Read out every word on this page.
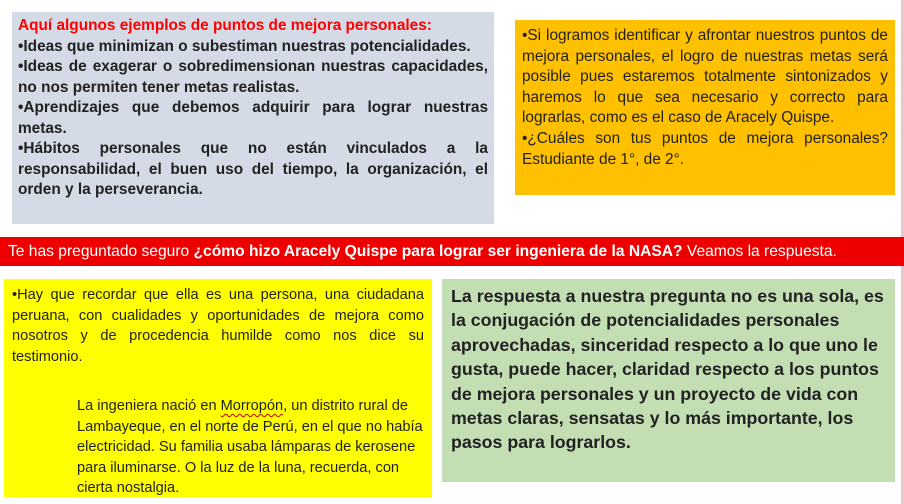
Aquí algunos ejemplos de puntos de mejora personales:

•Ideas que minimizan o subestiman nuestras potencialidades.

•Ideas de exagerar o sobredimensionan nuestras capacidades, no nos permiten tener metas realistas.

•Aprendizajes que debemos adquirir para lograr nuestras metas.

•Hábitos personales que no están vinculados a la responsabilidad, el buen uso del tiempo, la organización, el orden y la perseverancia.

•Si logramos identificar y afrontar nuestros puntos de mejora personales, el logro de nuestras metas será posible pues estaremos totalmente sintonizados y haremos lo que sea necesario y correcto para lograrlas, como es el caso de Aracely Quispe.

•¿Cuáles son tus puntos de mejora personales? Estudiante de 1°, de 2°.

Te has preguntado seguro ¿cómo hizo Aracely Quispe para lograr ser ingeniera de la NASA? Veamos la respuesta.

•Hay que recordar que ella es una persona, una ciudadana peruana, con cualidades y oportunidades de mejora como nosotros y de procedencia humilde como nos dice su testimonio.

La ingeniera nació en Morropón, un distrito rural de Lambayeque, en el norte de Perú, en el que no había electricidad. Su familia usaba lámparas de kerosene para iluminarse. O la luz de la luna, recuerda, con cierta nostalgia.

La respuesta a nuestra pregunta no es una sola, es la conjugación de potencialidades personales aprovechadas, sinceridad respecto a lo que uno le gusta, puede hacer, claridad respecto a los puntos de mejora personales y un proyecto de vida con metas claras, sensatas y lo más importante, los pasos para lograrlos.
